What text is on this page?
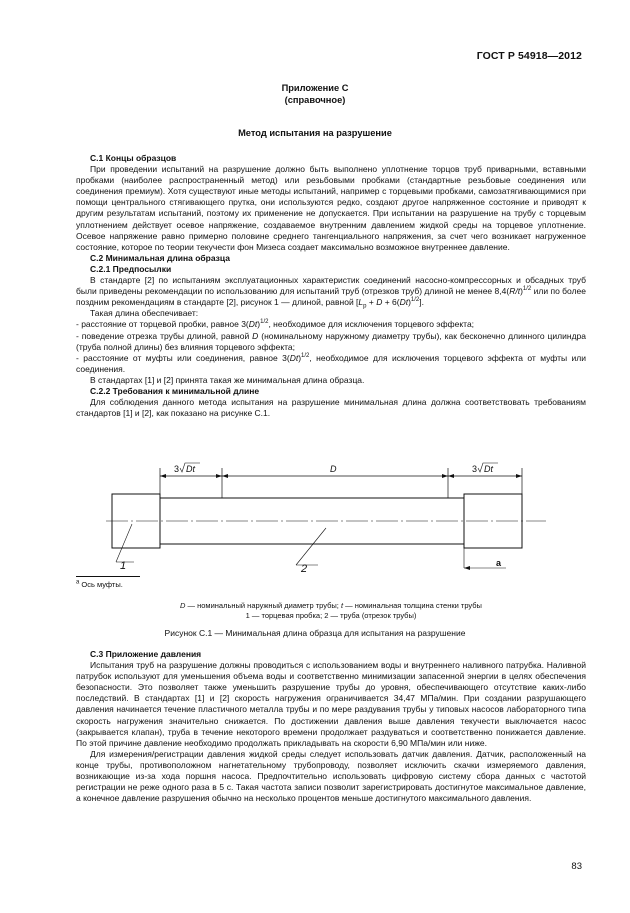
ГОСТ Р 54918—2012
Приложение С
(справочное)
Метод испытания на разрушение

С.1 Концы образцов

При проведении испытаний на разрушение должно быть выполнено уплотнение торцов труб приварными, вставными пробками (наиболее распространенный метод) или резьбовыми пробками (стандартные резьбовые соединения или соединения премиум). Хотя существуют иные методы испытаний, например с торцевыми пробками, самозатягивающимися при помощи центрального стягивающего прутка, они используются редко, создают другое напряженное состояние и приводят к другим результатам испытаний, поэтому их применение не допускается. При испытании на разрушение на трубу с торцевым уплотнением действует осевое напряжение, создаваемое внутренним давлением жидкой среды на торцевое уплотнение. Осевое напряжение равно примерно половине среднего тангенциального напряжения, за счет чего возникает нагруженное состояние, которое по теории текучести фон Мизеса создает максимально возможное внутреннее давление.

С.2 Минимальная длина образца

С.2.1 Предпосылки

В стандарте [2] по испытаниям эксплуатационных характеристик соединений насосно-компрессорных и обсадных труб были приведены рекомендации по использованию для испытаний труб (отрезков труб) длиной не менее $8,4(R/t)^{1/2}$ или по более поздним рекомендациям в стандарте [2], рисунок 1 — длиной, равной $[L_p + D + 6(Dt)^{1/2}]$.

Такая длина обеспечивает:

- расстояние от торцевой пробки, равное $3(Dt)^{1/2}$, необходимое для исключения торцевого эффекта;

- поведение отрезка трубы длиной, равной D (номинальному наружному диаметру трубы), как бесконечно длинного цилиндра (труба полной длины) без влияния торцевого эффекта;

- расстояние от муфты или соединения, равное $3(Dt)^{1/2}$, необходимое для исключения торцевого эффекта от муфты или соединения.

В стандартах [1] и [2] принята такая же минимальная длина образца.

С.2.2 Требования к минимальной длине

Для соблюдения данного метода испытания на разрушение минимальная длина должна соответствовать требованиям стандартов [1] и [2], как показано на рисунке С.1.

3 Dt	D	3 Dt
1	2	а
$^а$ Ось муфты.
D — номинальный наружный диаметр трубы; t — номинальная толщина стенки трубы
1 — торцевая пробка; 2 — труба (отрезок трубы)
Рисунок С.1 — Минимальная длина образца для испытания на разрушение

С.3 Приложение давления

Испытания труб на разрушение должны проводиться с использованием воды и внутреннего наливного патрубка. Наливной патрубок используют для уменьшения объема воды и соответственно минимизации запасенной энергии в целях обеспечения безопасности. Это позволяет также уменьшить разрушение трубы до уровня, обеспечивающего отсутствие каких-либо последствий. В стандартах [1] и [2] скорость нагружения ограничивается 34,47 МПа/мин. При создании разрушающего давления начинается течение пластичного металла трубы и по мере раздувания трубы у типовых насосов лабораторного типа скорость нагружения значительно снижается. По достижении давления выше давления текучести выключается насос (закрывается клапан), труба в течение некоторого времени продолжает раздуваться и соответственно понижается давление. По этой причине давление необходимо продолжать прикладывать на скорости 6,90 МПа/мин или ниже.

Для измерения/регистрации давления жидкой среды следует использовать датчик давления. Датчик, расположенный на конце трубы, противоположном нагнетательному трубопроводу, позволяет исключить скачки измеряемого давления, возникающие из-за хода поршня насоса. Предпочтительно использовать цифровую систему сбора данных с частотой регистрации не реже одного раза в 5 с. Такая частота записи позволит зарегистрировать достигнутое максимальное давление, а конечное давление разрушения обычно на несколько процентов меньше достигнутого максимального давления.

83
